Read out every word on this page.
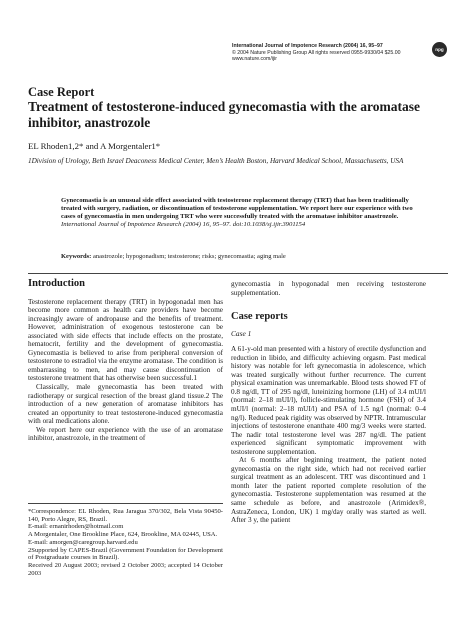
International Journal of Impotence Research (2004) 16, 95–97
© 2004 Nature Publishing Group All rights reserved 0955-9930/04 $25.00
www.nature.com/ijir
npg
Case Report
Treatment of testosterone-induced gynecomastia with the aromatase inhibitor, anastrozole
EL Rhoden1,2* and A Morgentaler1*
1Division of Urology, Beth Israel Deaconess Medical Center, Men’s Health Boston, Harvard Medical School, Massachusetts, USA
Gynecomastia is an unusual side effect associated with testosterone replacement therapy (TRT) that has been traditionally treated with surgery, radiation, or discontinuation of testosterone supplementation. We report here our experience with two cases of gynecomastia in men undergoing TRT who were successfully treated with the aromatase inhibitor anastrozole.
International Journal of Impotence Research (2004) 16, 95–97. doi:10.1038/sj.ijir.3901154
Keywords: anastrozole; hypogonadism; testosterone; risks; gynecomastia; aging male
Introduction

Testosterone replacement therapy (TRT) in hypogonadal men has become more common as health care providers have become increasingly aware of andropause and the benefits of treatment. However, administration of exogenous testosterone can be associated with side effects that include effects on the prostate, hematocrit, fertility and the development of gynecomastia. Gynecomastia is believed to arise from peripheral conversion of testosterone to estradiol via the enzyme aromatase. The condition is embarrassing to men, and may cause discontinuation of testosterone treatment that has otherwise been successful.1

Classically, male gynecomastia has been treated with radiotherapy or surgical resection of the breast gland tissue.2 The introduction of a new generation of aromatase inhibitors has created an opportunity to treat testosterone-induced gynecomastia with oral medications alone.

We report here our experience with the use of an aromatase inhibitor, anastrozole, in the treatment of

*Correspondence: EL Rhoden, Rua Jaragua 370/302, Bela Vista 90450-140, Porto Alegre, RS, Brazil.

E-mail: ernanirhoden@hotmail.com

A Morgentaler, One Brookline Place, 624, Brookline, MA 02445, USA.

E-mail: amorgen@caregroup.harvard.edu

2Supported by CAPES-Brazil (Government Foundation for Development of Postgraduate courses in Brazil).

Received 20 August 2003; revised 2 October 2003; accepted 14 October 2003

gynecomastia in hypogonadal men receiving testosterone supplementation.

Case reports
Case 1

A 61-y-old man presented with a history of erectile dysfunction and reduction in libido, and difficulty achieving orgasm. Past medical history was notable for left gynecomastia in adolescence, which was treated surgically without further recurrence. The current physical examination was unremarkable. Blood tests showed FT of 0.8 ng/dl, TT of 295 ng/dl, luteinizing hormone (LH) of 3.4 mUI/l (normal: 2–18 mUI/l), follicle-stimulating hormone (FSH) of 3.4 mUI/l (normal: 2–18 mUI/l) and PSA of 1.5 ng/l (normal: 0–4 ng/l). Reduced peak rigidity was observed by NPTR. Intramuscular injections of testosterone enanthate 400 mg/3 weeks were started. The nadir total testosterone level was 287 ng/dl. The patient experienced significant symptomatic improvement with testosterone supplementation.

At 6 months after beginning treatment, the patient noted gynecomastia on the right side, which had not received earlier surgical treatment as an adolescent. TRT was discontinued and 1 month later the patient reported complete resolution of the gynecomastia. Testosterone supplementation was resumed at the same schedule as before, and anastrozole (Arimidex®, AstraZeneca, London, UK) 1 mg/day orally was started as well. After 3 y, the patient
